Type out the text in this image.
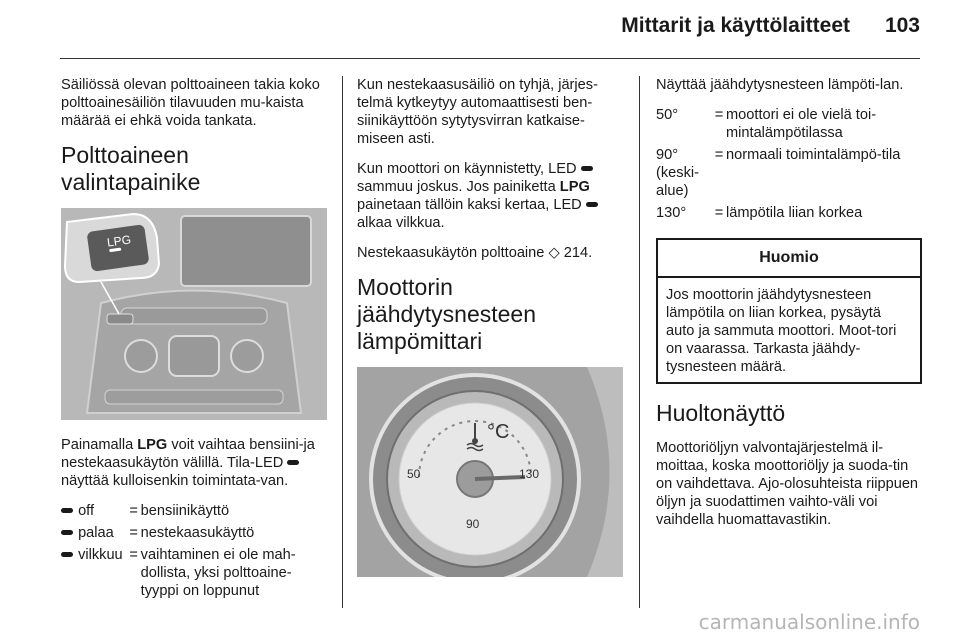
Mittarit ja käyttölaitteet 103

Säiliössä olevan polttoaineen takia koko polttoainesäiliön tilavuuden mu-kaista määrää ei ehkä voida tankata.

Polttoaineen valintapainike
LPG

Painamalla LPG voit vaihtaa bensiini-ja nestekaasukäytön välillä. Tila-LED  näyttää kulloisenkin toimintata-van.

off	=	bensiinikäyttö
palaa	=	nestekaasukäyttö
vilkkuu	=	vaihtaminen ei ole mah-dollista, yksi polttoaine-tyyppi on loppunut

Kun nestekaasusäiliö on tyhjä, järjes-telmä kytkeytyy automaattisesti ben-siinikäyttöön sytytysvirran katkaise-miseen asti.

Kun moottori on käynnistetty, LED  sammuu joskus. Jos painiketta LPG painetaan tällöin kaksi kertaa, LED  alkaa vilkkua.

Nestekaasukäytön polttoaine ◇ 214.

Moottorin jäähdytysnesteen lämpömittari
°C
50
90
130

Näyttää jäähdytysnesteen lämpöti-lan.

50°	=	moottori ei ole vielä toi-mintalämpötilassa
90° (keski-alue)	=	normaali toimintalämpö-tila
130°	=	lämpötila liian korkea
Huomio
Jos moottorin jäähdytysnesteen lämpötila on liian korkea, pysäytä auto ja sammuta moottori. Moot-tori on vaarassa. Tarkasta jäähdy-tysnesteen määrä.
Huoltonäyttö

Moottoriöljyn valvontajärjestelmä il-moittaa, koska moottoriöljy ja suoda-tin on vaihdettava. Ajo-olosuhteista riippuen öljyn ja suodattimen vaihto-väli voi vaihdella huomattavastikin.

carmanualsonline.info
